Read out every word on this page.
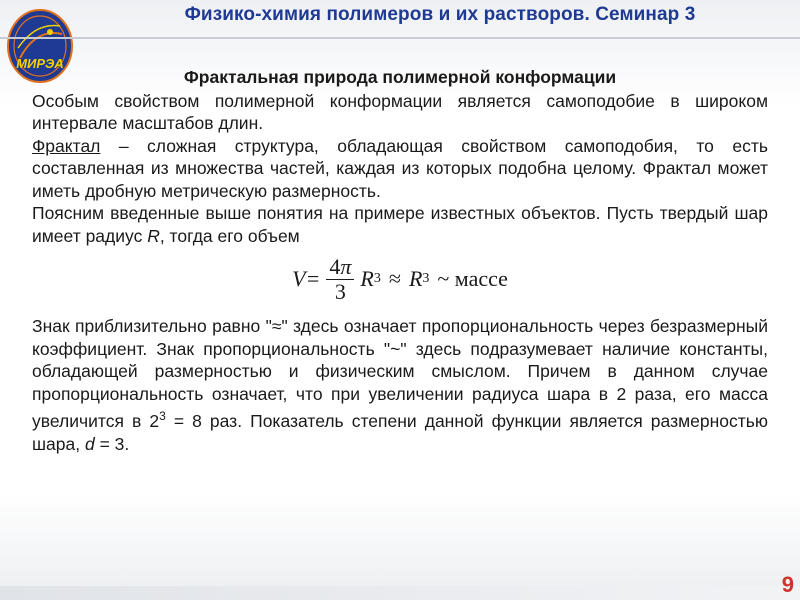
МИРЭА
Физико-химия полимеров и их растворов. Семинар 3
Фрактальная природа полимерной конформации

Особым свойством полимерной конформации является самоподобие в широком интервале масштабов длин.

Фрактал – сложная структура, обладающая свойством самоподобия, то есть составленная из множества частей, каждая из которых подобна целому. Фрактал может иметь дробную метрическую размерность.

Поясним введенные выше понятия на примере известных объектов. Пусть твердый шар имеет радиус R, тогда его объем

$V= \frac{4\pi}{3}$ R 3 ≈ R 3 ~ массе

Знак приблизительно равно "≈" здесь означает пропорциональность через безразмерный коэффициент. Знак пропорциональность "~" здесь подразумевает наличие константы, обладающей размерностью и физическим смыслом. Причем в данном случае пропорциональность означает, что при увеличении радиуса шара в 2 раза, его масса увеличится в $2^3 = 8$ раз. Показатель степени данной функции является размерностью шара, d = 3.

9
